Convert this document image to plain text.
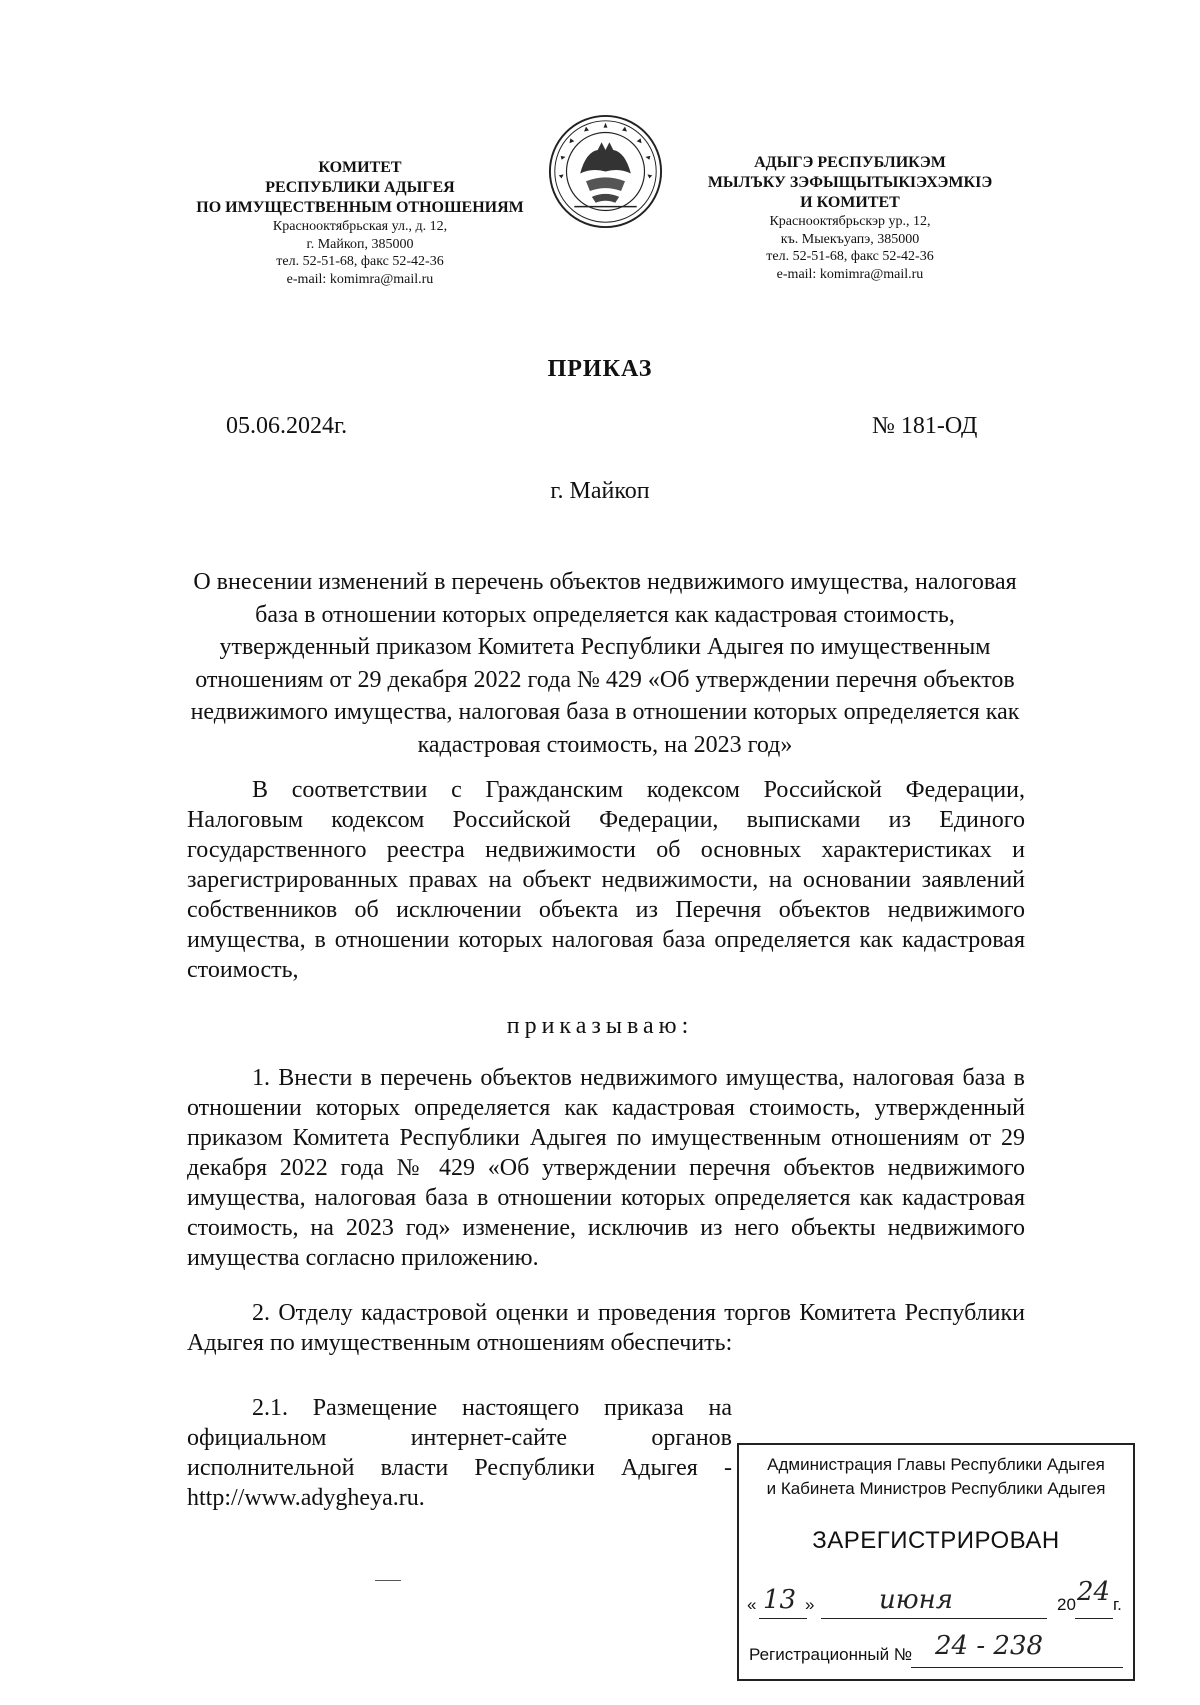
КОМИТЕТ
РЕСПУБЛИКИ АДЫГЕЯ
ПО ИМУЩЕСТВЕННЫМ ОТНОШЕНИЯМ
Краснооктябрьская ул., д. 12,
г. Майкоп, 385000
тел. 52-51-68, факс 52-42-36
e-mail: komimra@mail.ru
АДЫГЭ РЕСПУБЛИКЭМ
МЫЛЪКУ ЗЭФЫЩЫТЫКІЭХЭМКІЭ
И КОМИТЕТ
Краснооктябрьскэр ур., 12,
къ. Мыекъуапэ, 385000
тел. 52-51-68, факс 52-42-36
e-mail: komimra@mail.ru
ПРИКАЗ
05.06.2024г.	№ 181-ОД
г. Майкоп
О внесении изменений в перечень объектов недвижимого имущества, налоговая база в отношении которых определяется как кадастровая стоимость, утвержденный приказом Комитета Республики Адыгея по имущественным отношениям от 29 декабря 2022 года № 429 «Об утверждении перечня объектов недвижимого имущества, налоговая база в отношении которых определяется как кадастровая стоимость, на 2023 год»
В соответствии с Гражданским кодексом Российской Федерации, Налоговым кодексом Российской Федерации, выписками из Единого государственного реестра недвижимости об основных характеристиках и зарегистрированных правах на объект недвижимости, на основании заявлений собственников об исключении объекта из Перечня объектов недвижимого имущества, в отношении которых налоговая база определяется как кадастровая стоимость,
приказываю:
1. Внести в перечень объектов недвижимого имущества, налоговая база в отношении которых определяется как кадастровая стоимость, утвержденный приказом Комитета Республики Адыгея по имущественным отношениям от 29 декабря 2022 года № 429 «Об утверждении перечня объектов недвижимого имущества, налоговая база в отношении которых определяется как кадастровая стоимость, на 2023 год» изменение, исключив из него объекты недвижимого имущества согласно приложению.
2. Отделу кадастровой оценки и проведения торгов Комитета Республики Адыгея по имущественным отношениям обеспечить:
2.1. Размещение настоящего приказа на официальном интернет-сайте органов исполнительной власти Республики Адыгея - http://www.adygheya.ru.
Администрация Главы Республики Адыгея
и Кабинета Министров Республики Адыгея
ЗАРЕГИСТРИРОВАН
« 13 » июня	20 24 г.
Регистрационный № 24 - 238
